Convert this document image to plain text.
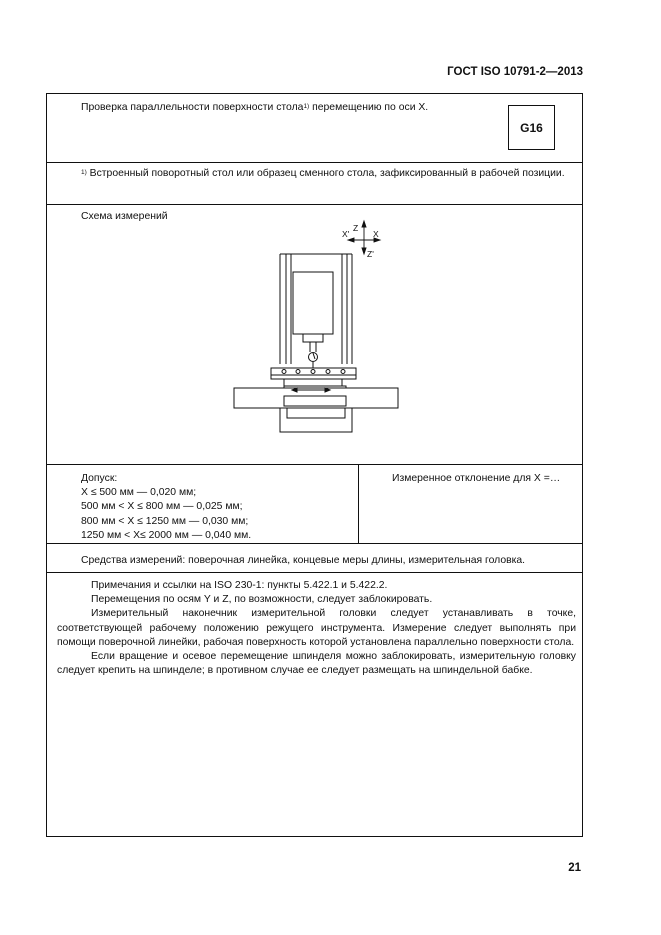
ГОСТ ISO 10791-2—2013
Проверка параллельности поверхности стола$^{1)}$ перемещению по оси X.
G16
$^{1)}$ Встроенный поворотный стол или образец сменного стола, зафиксированный в рабочей позиции.
Схема измерений
Z
Z'
X
X'
Допуск:
X ≤ 500 мм — 0,020 мм;
500 мм < X ≤ 800 мм — 0,025 мм;
800 мм < X ≤ 1250 мм — 0,030 мм;
1250 мм < X≤ 2000 мм — 0,040 мм.
Измеренное отклонение для X =…
Средства измерений: поверочная линейка, концевые меры длины, измерительная головка.

Примечания и ссылки на ISO 230-1: пункты 5.422.1 и 5.422.2.

Перемещения по осям Y и Z, по возможности, следует заблокировать.

Измерительный наконечник измерительной головки следует устанавливать в точке, соответствующей рабочему положению режущего инструмента. Измерение следует выполнять при помощи поверочной линейки, рабочая поверхность которой установлена параллельно поверхности стола.

Если вращение и осевое перемещение шпинделя можно заблокировать, измерительную головку следует крепить на шпинделе; в противном случае ее следует размещать на шпиндельной бабке.

21
